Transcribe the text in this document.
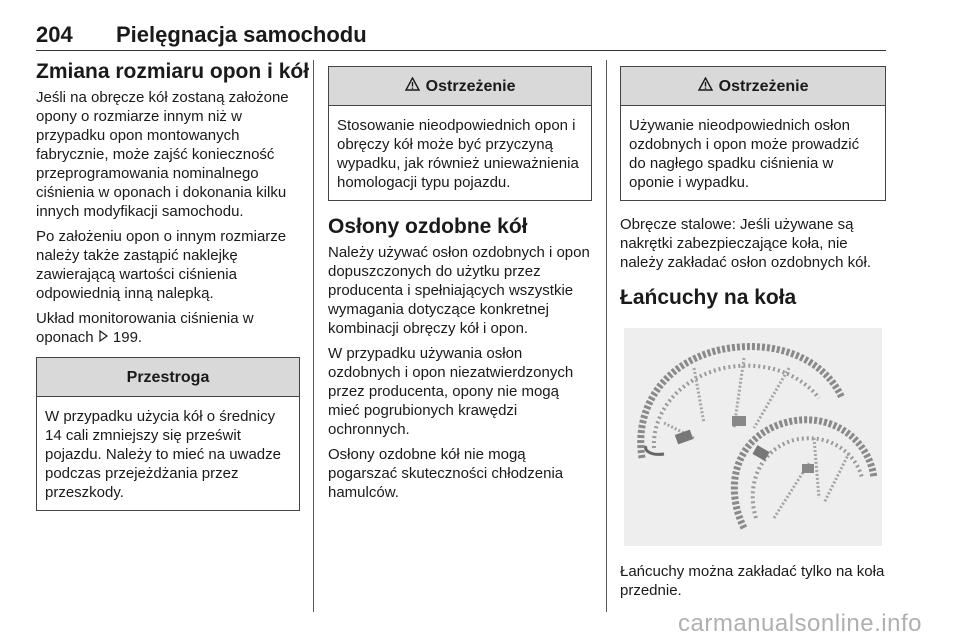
204 Pielęgnacja samochodu
Zmiana rozmiaru opon i kół

Jeśli na obręcze kół zostaną założone opony o rozmiarze innym niż w przypadku opon montowanych fabrycznie, może zajść konieczność przeprogramowania nominalnego ciśnienia w oponach i dokonania kilku innych modyfikacji samochodu.

Po założeniu opon o innym rozmiarze należy także zastąpić naklejkę zawierającą wartości ciśnienia odpowiednią inną nalepką.

Układ monitorowania ciśnienia w oponach  199.

Przestroga
W przypadku użycia kół o średnicy 14 cali zmniejszy się prześwit pojazdu. Należy to mieć na uwadze podczas przejeżdżania przez przeszkody.
Ostrzeżenie
Stosowanie nieodpowiednich opon i obręczy kół może być przyczyną wypadku, jak również unieważnienia homologacji typu pojazdu.
Osłony ozdobne kół

Należy używać osłon ozdobnych i opon dopuszczonych do użytku przez producenta i spełniających wszystkie wymagania dotyczące konkretnej kombinacji obręczy kół i opon.

W przypadku używania osłon ozdobnych i opon niezatwierdzonych przez producenta, opony nie mogą mieć pogrubionych krawędzi ochronnych.

Osłony ozdobne kół nie mogą pogarszać skuteczności chłodzenia hamulców.

Ostrzeżenie
Używanie nieodpowiednich osłon ozdobnych i opon może prowadzić do nagłego spadku ciśnienia w oponie i wypadku.

Obręcze stalowe: Jeśli używane są nakrętki zabezpieczające koła, nie należy zakładać osłon ozdobnych kół.

Łańcuchy na koła

Łańcuchy można zakładać tylko na koła przednie.

carmanualsonline.info
